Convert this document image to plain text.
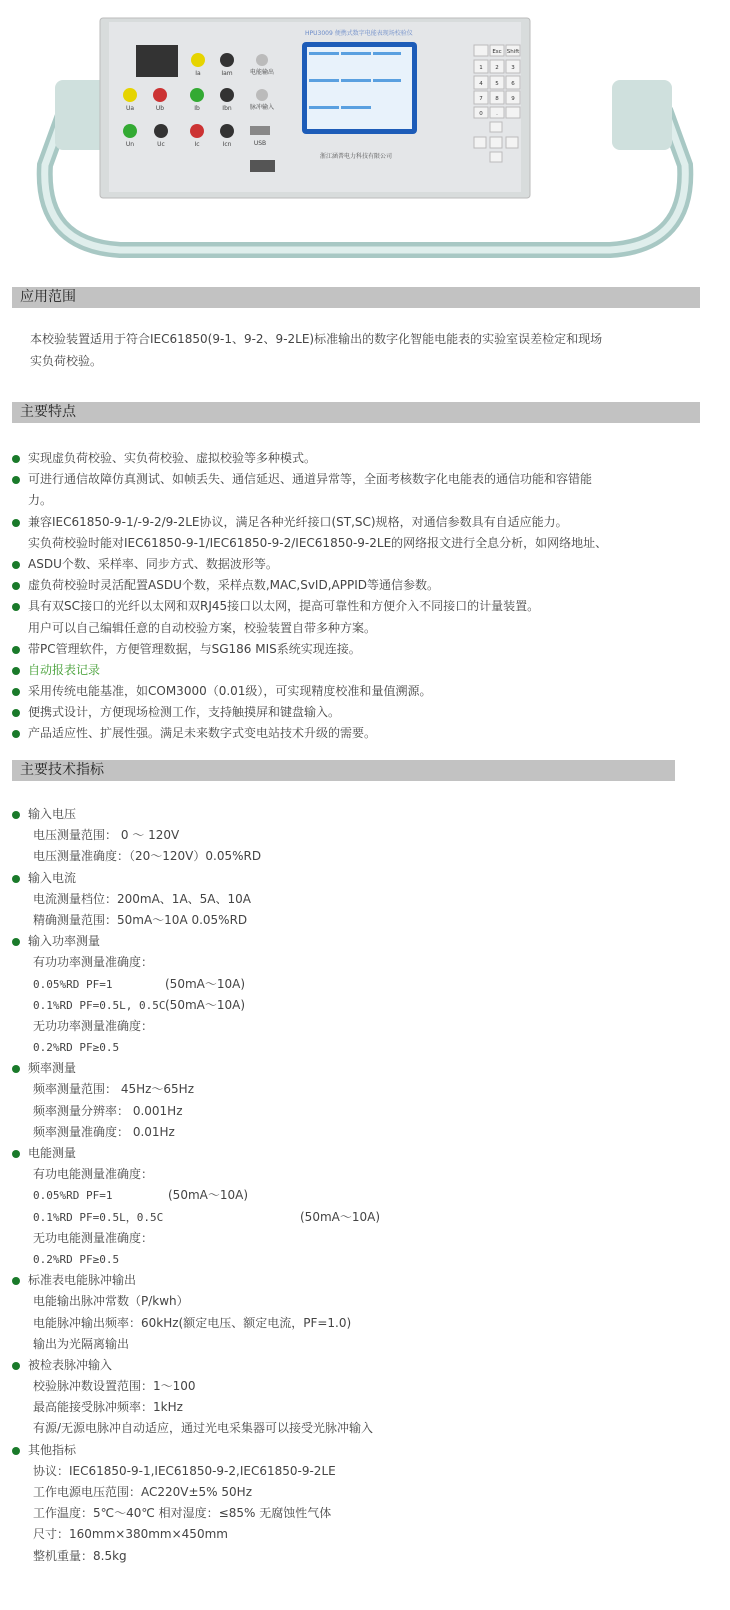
Ia	Iam
Ua	Ub	Ib	Ibn
Un	Uc	Ic	Icn
电能输出
脉冲输入
USB
HPU3009 便携式数字电能表现场校验仪
浙江涵普电力科技有限公司
Esc Shift
1 2 3
4 5 6
7 8 9
0 .
应用范围
本校验装置适用于符合IEC61850(9-1、9-2、9-2LE)标准输出的数字化智能电能表的实验室误差检定和现场
实负荷校验。
主要特点
实现虚负荷校验、实负荷校验、虚拟校验等多种模式。
可进行通信故障仿真测试、如帧丢失、通信延迟、通道异常等，全面考核数字化电能表的通信功能和容错能
力。
兼容IEC61850-9-1/-9-2/9-2LE协议，满足各种光纤接口(ST,SC)规格，对通信参数具有自适应能力。
实负荷校验时能对IEC61850-9-1/IEC61850-9-2/IEC61850-9-2LE的网络报文进行全息分析，如网络地址、
ASDU个数、采样率、同步方式、数据波形等。
虚负荷校验时灵活配置ASDU个数，采样点数,MAC,SvID,APPID等通信参数。
具有双SC接口的光纤以太网和双RJ45接口以太网，提高可靠性和方便介入不同接口的计量装置。
用户可以自己编辑任意的自动校验方案，校验装置自带多种方案。
带PC管理软件，方便管理数据，与SG186 MIS系统实现连接。
自动报表记录
采用传统电能基准，如COM3000（0.01级），可实现精度校准和量值溯源。
便携式设计，方便现场检测工作，支持触摸屏和键盘输入。
产品适应性、扩展性强。满足未来数字式变电站技术升级的需要。
主要技术指标
输入电压
电压测量范围： 0 ～ 120V
电压测量准确度：（20～120V）0.05%RD
输入电流
电流测量档位：200mA、1A、5A、10A
精确测量范围：50mA～10A 0.05%RD
输入功率测量
有功功率测量准确度：
0.05%RD PF=1	(50mA～10A)
0.1%RD PF=0.5L, 0.5C (50mA～10A)
无功功率测量准确度：
0.2%RD PF≥0.5
频率测量
频率测量范围： 45Hz～65Hz
频率测量分辨率： 0.001Hz
频率测量准确度： 0.01Hz
电能测量
有功电能测量准确度：
0.05%RD PF=1	(50mA～10A)
0.1%RD PF=0.5L，0.5C	(50mA～10A)
无功电能测量准确度：
0.2%RD PF≥0.5
标准表电能脉冲输出
电能输出脉冲常数（P/kwh）
电能脉冲输出频率：60kHz(额定电压、额定电流，PF=1.0)
输出为光隔离输出
被检表脉冲输入
校验脉冲数设置范围：1～100
最高能接受脉冲频率：1kHz
有源/无源电脉冲自动适应，通过光电采集器可以接受光脉冲输入
其他指标
协议：IEC61850-9-1,IEC61850-9-2,IEC61850-9-2LE
工作电源电压范围：AC220V±5% 50Hz
工作温度：5℃～40℃ 相对湿度：≤85% 无腐蚀性气体
尺寸：160mm×380mm×450mm
整机重量：8.5kg
